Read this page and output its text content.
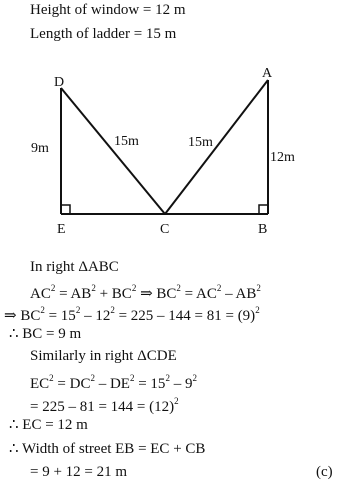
Height of window = 12 m
Length of ladder = 15 m
D
A
E	C	B
9m	15m	15m
12m
In right ΔABC
$AC^2 = AB^2 + BC^2$ ⇒ $BC^2 = AC^2 - AB^2$
⇒ $BC^2 = 15^2 - 12^2 = 225 - 144 = 81 = (9)^2$
∴ BC = 9 m
Similarly in right ΔCDE
$EC^2 = DC^2 - DE^2 = 15^2 - 9^2$
= $225 - 81 = 144 = (12)^2$
∴ EC = 12 m
∴ Width of street EB = EC + CB
= 9 + 12 = 21 m	(c)
